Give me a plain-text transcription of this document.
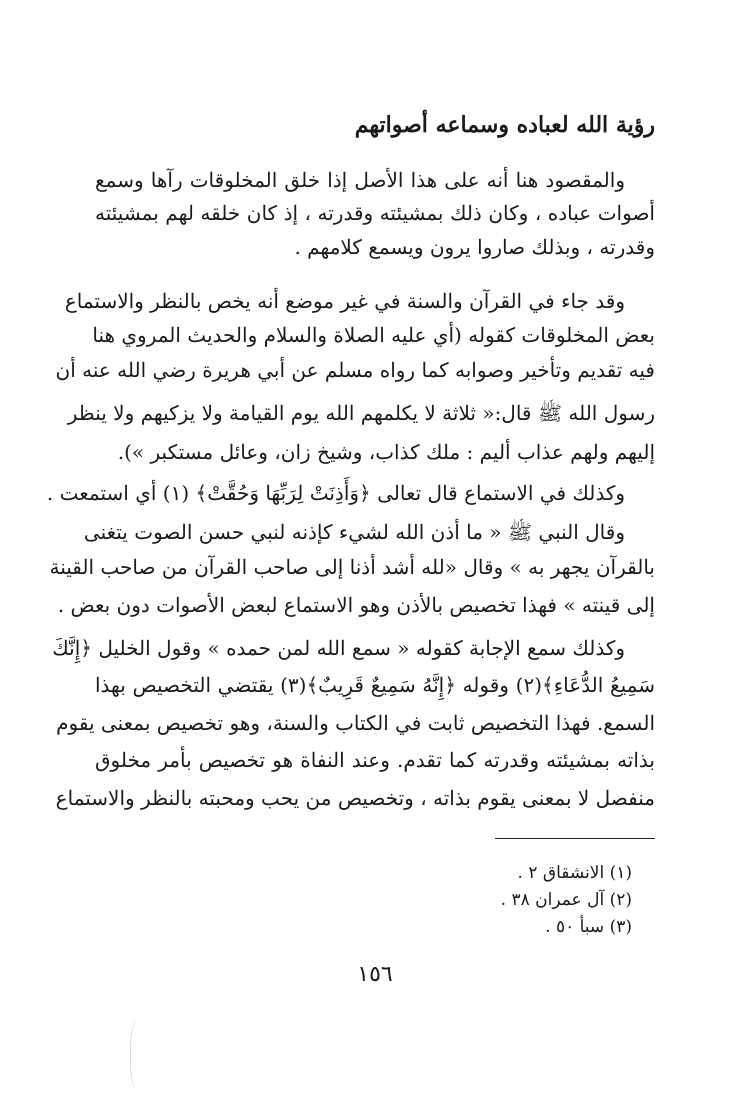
رؤية الله لعباده وسماعه أصواتهم
والمقصود هنا أنه على هذا الأصل إذا خلق المخلوقات رآها وسمع
أصوات عباده ، وكان ذلك بمشيئته وقدرته ، إذ كان خلقه لهم بمشيئته
وقدرته ، وبذلك صاروا يرون ويسمع كلامهم .
وقد جاء في القرآن والسنة في غير موضع أنه يخص بالنظر والاستماع
بعض المخلوقات كقوله (أي عليه الصلاة والسلام والحديث المروي هنا
فيه تقديم وتأخير وصوابه كما رواه مسلم عن أبي هريرة رضي الله عنه أن
رسول الله ﷺ قال:« ثلاثة لا يكلمهم الله يوم القيامة ولا يزكيهم ولا ينظر
إليهم ولهم عذاب أليم : ملك كذاب، وشيخ زان، وعائل مستكبر »).
وكذلك في الاستماع قال تعالى ﴿وَأَذِنَتْ لِرَبِّهَا وَحُقَّتْ﴾ (١) أي استمعت .
وقال النبي ﷺ « ما أذن الله لشيء كإذنه لنبي حسن الصوت يتغنى
بالقرآن يجهر به » وقال «لله أشد أذنا إلى صاحب القرآن من صاحب القينة
إلى قينته » فهذا تخصيص بالأذن وهو الاستماع لبعض الأصوات دون بعض .
وكذلك سمع الإجابة كقوله « سمع الله لمن حمده » وقول الخليل ﴿إِنَّكَ
سَمِيعُ الدُّعَاءِ﴾(٢) وقوله ﴿إِنَّهُ سَمِيعٌ قَرِيبٌ﴾(٣) يقتضي التخصيص بهذا
السمع. فهذا التخصيص ثابت في الكتاب والسنة، وهو تخصيص بمعنى يقوم
بذاته بمشيئته وقدرته كما تقدم. وعند النفاة هو تخصيص بأمر مخلوق
منفصل لا بمعنى يقوم بذاته ، وتخصيص من يحب ومحبته بالنظر والاستماع
(١) الانشقاق ٢ .
(٢) آل عمران ٣٨ .
(٣) سبأ ٥٠ .
١٥٦
